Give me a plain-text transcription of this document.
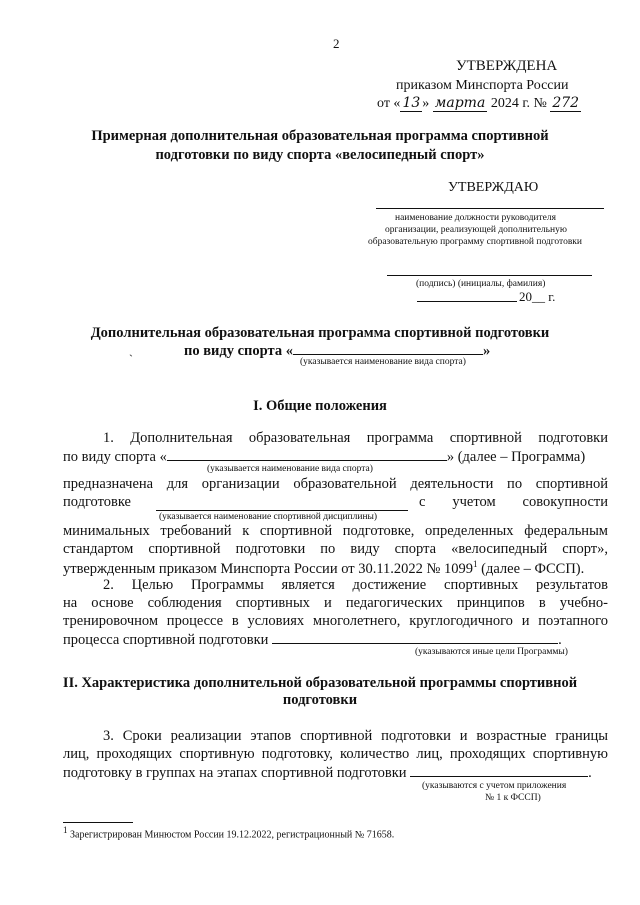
2
УТВЕРЖДЕНА
приказом Минспорта России
от « 13 » марта 2024 г. № 272
Примерная дополнительная образовательная программа спортивной
подготовки по виду спорта «велосипедный спорт»
УТВЕРЖДАЮ
наименование должности руководителя
организации, реализующей дополнительную
образовательную программу спортивной подготовки
(подпись) (инициалы, фамилия)
20__ г.
Дополнительная образовательная программа спортивной подготовки
по виду спорта «	»
(указывается наименование вида спорта)
`
I. Общие положения
1. Дополнительная образовательная программа спортивной подготовки
по виду спорта «	» (далее – Программа)
(указывается наименование вида спорта)
предназначена для организации образовательной деятельности по спортивной
подготовке	с учетом совокупности
(указывается наименование спортивной дисциплины)
минимальных требований к спортивной подготовке, определенных федеральным
стандартом спортивной подготовки по виду спорта «велосипедный спорт»,
утвержденным приказом Минспорта России от 30.11.2022 № 1099$^1$ (далее – ФССП).
2. Целью Программы является достижение спортивных результатов
на основе соблюдения спортивных и педагогических принципов в учебно-
тренировочном процессе в условиях многолетнего, круглогодичного и поэтапного
процесса спортивной подготовки	.
(указываются иные цели Программы)
II. Характеристика дополнительной образовательной программы спортивной
подготовки
3. Сроки реализации этапов спортивной подготовки и возрастные границы
лиц, проходящих спортивную подготовку, количество лиц, проходящих спортивную
подготовку в группах на этапах спортивной подготовки	.
(указываются с учетом приложения
№ 1 к ФССП)
$^1$ Зарегистрирован Минюстом России 19.12.2022, регистрационный № 71658.
